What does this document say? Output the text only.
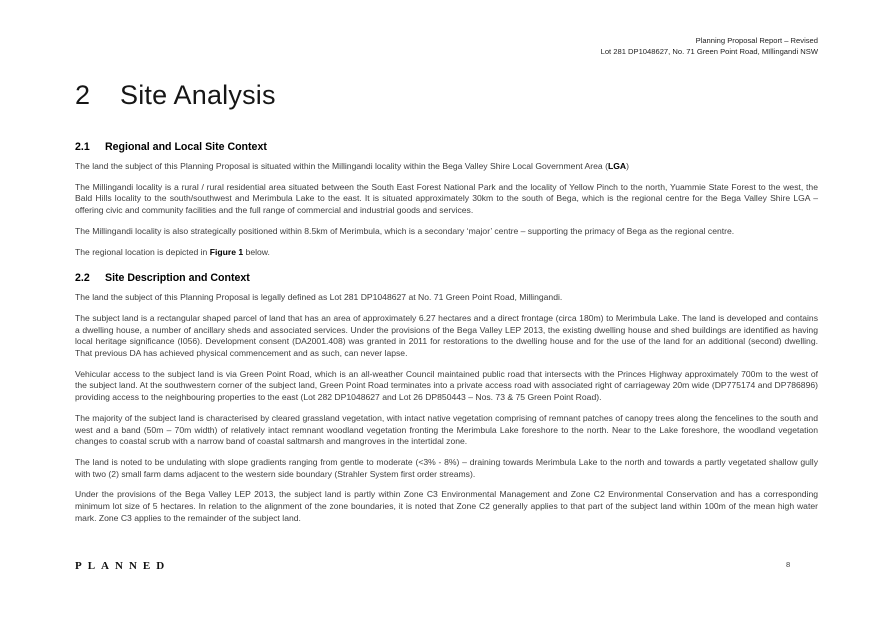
Planning Proposal Report – Revised
Lot 281 DP1048627, No. 71 Green Point Road, MIllingandi NSW
2	Site Analysis
2.1	Regional and Local Site Context

The land the subject of this Planning Proposal is situated within the Millingandi locality within the Bega Valley Shire Local Government Area (LGA)

The Millingandi locality is a rural / rural residential area situated between the South East Forest National Park and the locality of Yellow Pinch to the north, Yuammie State Forest to the west, the Bald Hills locality to the south/southwest and Merimbula Lake to the east. It is situated approximately 30km to the south of Bega, which is the regional centre for the Bega Valley Shire LGA – offering civic and community facilities and the full range of commercial and industrial goods and services.

The Millingandi locality is also strategically positioned within 8.5km of Merimbula, which is a secondary ‘major’ centre – supporting the primacy of Bega as the regional centre.

The regional location is depicted in Figure 1 below.

2.2	Site Description and Context

The land the subject of this Planning Proposal is legally defined as Lot 281 DP1048627 at No. 71 Green Point Road, Millingandi.

The subject land is a rectangular shaped parcel of land that has an area of approximately 6.27 hectares and a direct frontage (circa 180m) to Merimbula Lake. The land is developed and contains a dwelling house, a number of ancillary sheds and associated services. Under the provisions of the Bega Valley LEP 2013, the existing dwelling house and shed buildings are identified as having local heritage significance (I056). Development consent (DA2001.408) was granted in 2011 for restorations to the dwelling house and for the use of the land for an additional (second) dwelling. That previous DA has achieved physical commencement and as such, can never lapse.

Vehicular access to the subject land is via Green Point Road, which is an all-weather Council maintained public road that intersects with the Princes Highway approximately 700m to the west of the subject land. At the southwestern corner of the subject land, Green Point Road terminates into a private access road with associated right of carriageway 20m wide (DP775174 and DP786896) providing access to the neighbouring properties to the east (Lot 282 DP1048627 and Lot 26 DP850443 – Nos. 73 & 75 Green Point Road).

The majority of the subject land is characterised by cleared grassland vegetation, with intact native vegetation comprising of remnant patches of canopy trees along the fencelines to the south and west and a band (50m – 70m width) of relatively intact remnant woodland vegetation fronting the Merimbula Lake foreshore to the north. Near to the Lake foreshore, the woodland vegetation changes to coastal scrub with a narrow band of coastal saltmarsh and mangroves in the intertidal zone.

The land is noted to be undulating with slope gradients ranging from gentle to moderate (<3% - 8%) – draining towards Merimbula Lake to the north and towards a partly vegetated shallow gully with two (2) small farm dams adjacent to the western side boundary (Strahler System first order streams).

Under the provisions of the Bega Valley LEP 2013, the subject land is partly within Zone C3 Environmental Management and Zone C2 Environmental Conservation and has a corresponding minimum lot size of 5 hectares. In relation to the alignment of the zone boundaries, it is noted that Zone C2 generally applies to that part of the subject land within 100m of the mean high water mark. Zone C3 applies to the remainder of the subject land.

PLANNED	8
